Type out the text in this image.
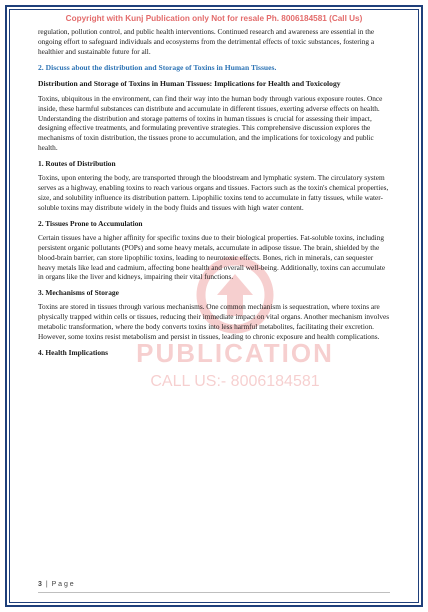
PUBLICATION
CALL US:- 8006184581
Copyright with Kunj Publication only Not for resale Ph. 8006184581 (Call Us)

regulation, pollution control, and public health interventions. Continued research and awareness are essential in the ongoing effort to safeguard individuals and ecosystems from the detrimental effects of toxic substances, fostering a healthier and sustainable future for all.

2. Discuss about the distribution and Storage of Toxins in Human Tissues.
Distribution and Storage of Toxins in Human Tissues: Implications for Health and Toxicology

Toxins, ubiquitous in the environment, can find their way into the human body through various exposure routes. Once inside, these harmful substances can distribute and accumulate in different tissues, exerting adverse effects on health. Understanding the distribution and storage patterns of toxins in human tissues is crucial for assessing their impact, designing effective treatments, and formulating preventive strategies. This comprehensive discussion explores the mechanisms of toxin distribution, the tissues prone to accumulation, and the implications for toxicology and public health.

1. Routes of Distribution

Toxins, upon entering the body, are transported through the bloodstream and lymphatic system. The circulatory system serves as a highway, enabling toxins to reach various organs and tissues. Factors such as the toxin's chemical properties, size, and solubility influence its distribution pattern. Lipophilic toxins tend to accumulate in fatty tissues, while water-soluble toxins may distribute widely in the body fluids and tissues with high water content.

2. Tissues Prone to Accumulation

Certain tissues have a higher affinity for specific toxins due to their biological properties. Fat-soluble toxins, including persistent organic pollutants (POPs) and some heavy metals, accumulate in adipose tissue. The brain, shielded by the blood-brain barrier, can store lipophilic toxins, leading to neurotoxic effects. Bones, rich in minerals, can sequester heavy metals like lead and cadmium, affecting bone health and overall well-being. Additionally, toxins can accumulate in organs like the liver and kidneys, impairing their vital functions.

3. Mechanisms of Storage

Toxins are stored in tissues through various mechanisms. One common mechanism is sequestration, where toxins are physically trapped within cells or tissues, reducing their immediate impact on vital organs. Another mechanism involves metabolic transformation, where the body converts toxins into less harmful metabolites, facilitating their excretion. However, some toxins resist metabolism and persist in tissues, leading to chronic exposure and health complications.

4. Health Implications
3 | P a g e
